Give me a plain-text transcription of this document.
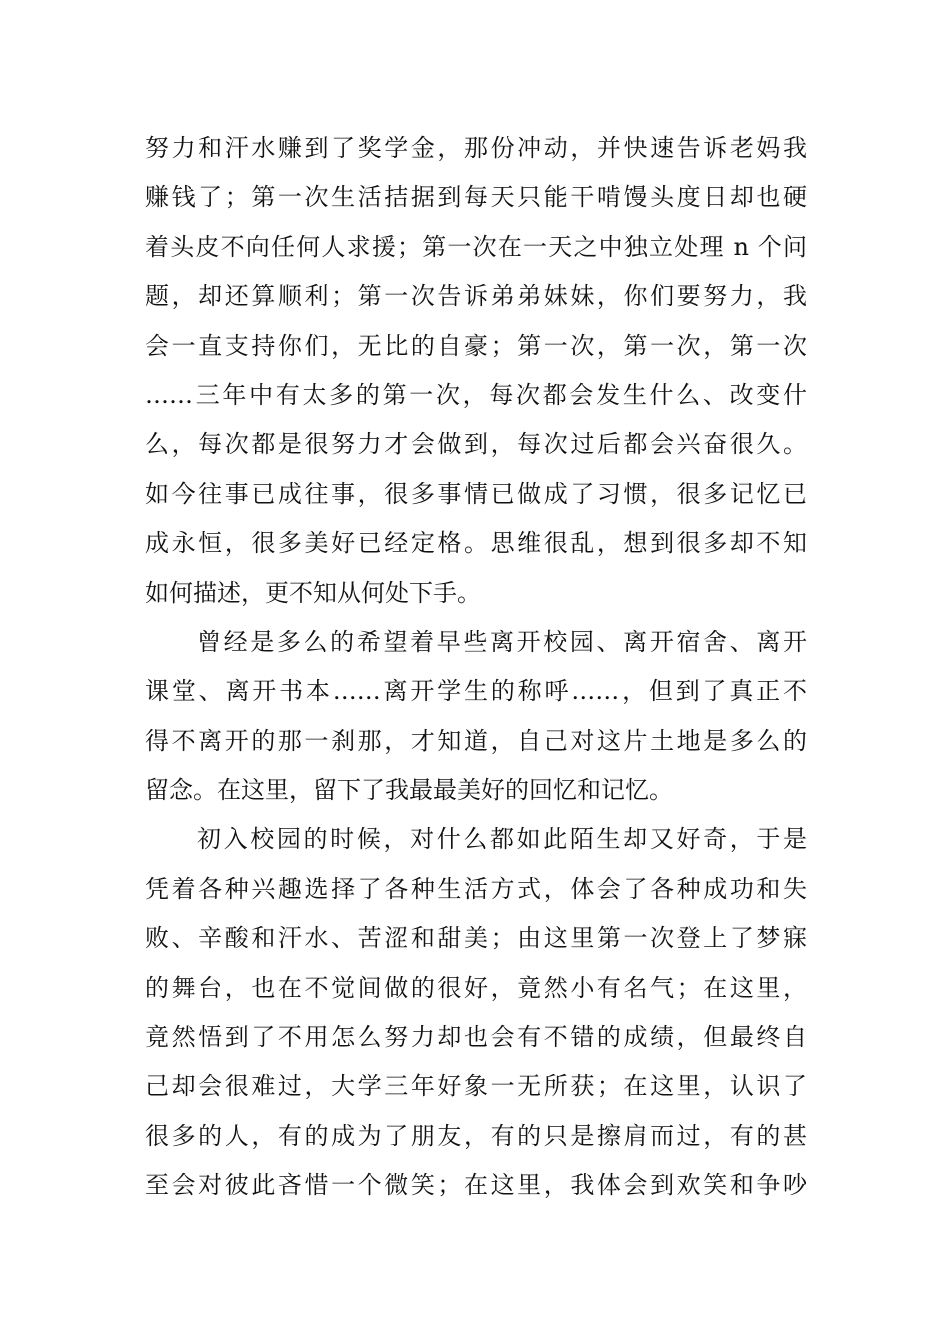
努力和汗水赚到了奖学金，那份冲动，并快速告诉老妈我
赚钱了；第一次生活拮据到每天只能干啃馒头度日却也硬
着头皮不向任何人求援；第一次在一天之中独立处理 n 个问
题，却还算顺利；第一次告诉弟弟妹妹，你们要努力，我
会一直支持你们，无比的自豪；第一次，第一次，第一次
……三年中有太多的第一次，每次都会发生什么、改变什
么，每次都是很努力才会做到，每次过后都会兴奋很久。
如今往事已成往事，很多事情已做成了习惯，很多记忆已
成永恒，很多美好已经定格。思维很乱，想到很多却不知
如何描述，更不知从何处下手。
曾经是多么的希望着早些离开校园、离开宿舍、离开
课堂、离开书本……离开学生的称呼……，但到了真正不
得不离开的那一刹那，才知道，自己对这片土地是多么的
留念。在这里，留下了我最最美好的回忆和记忆。
初入校园的时候，对什么都如此陌生却又好奇，于是
凭着各种兴趣选择了各种生活方式，体会了各种成功和失
败、辛酸和汗水、苦涩和甜美；由这里第一次登上了梦寐
的舞台，也在不觉间做的很好，竟然小有名气；在这里，
竟然悟到了不用怎么努力却也会有不错的成绩，但最终自
己却会很难过，大学三年好象一无所获；在这里，认识了
很多的人，有的成为了朋友，有的只是擦肩而过，有的甚
至会对彼此吝惜一个微笑；在这里，我体会到欢笑和争吵
